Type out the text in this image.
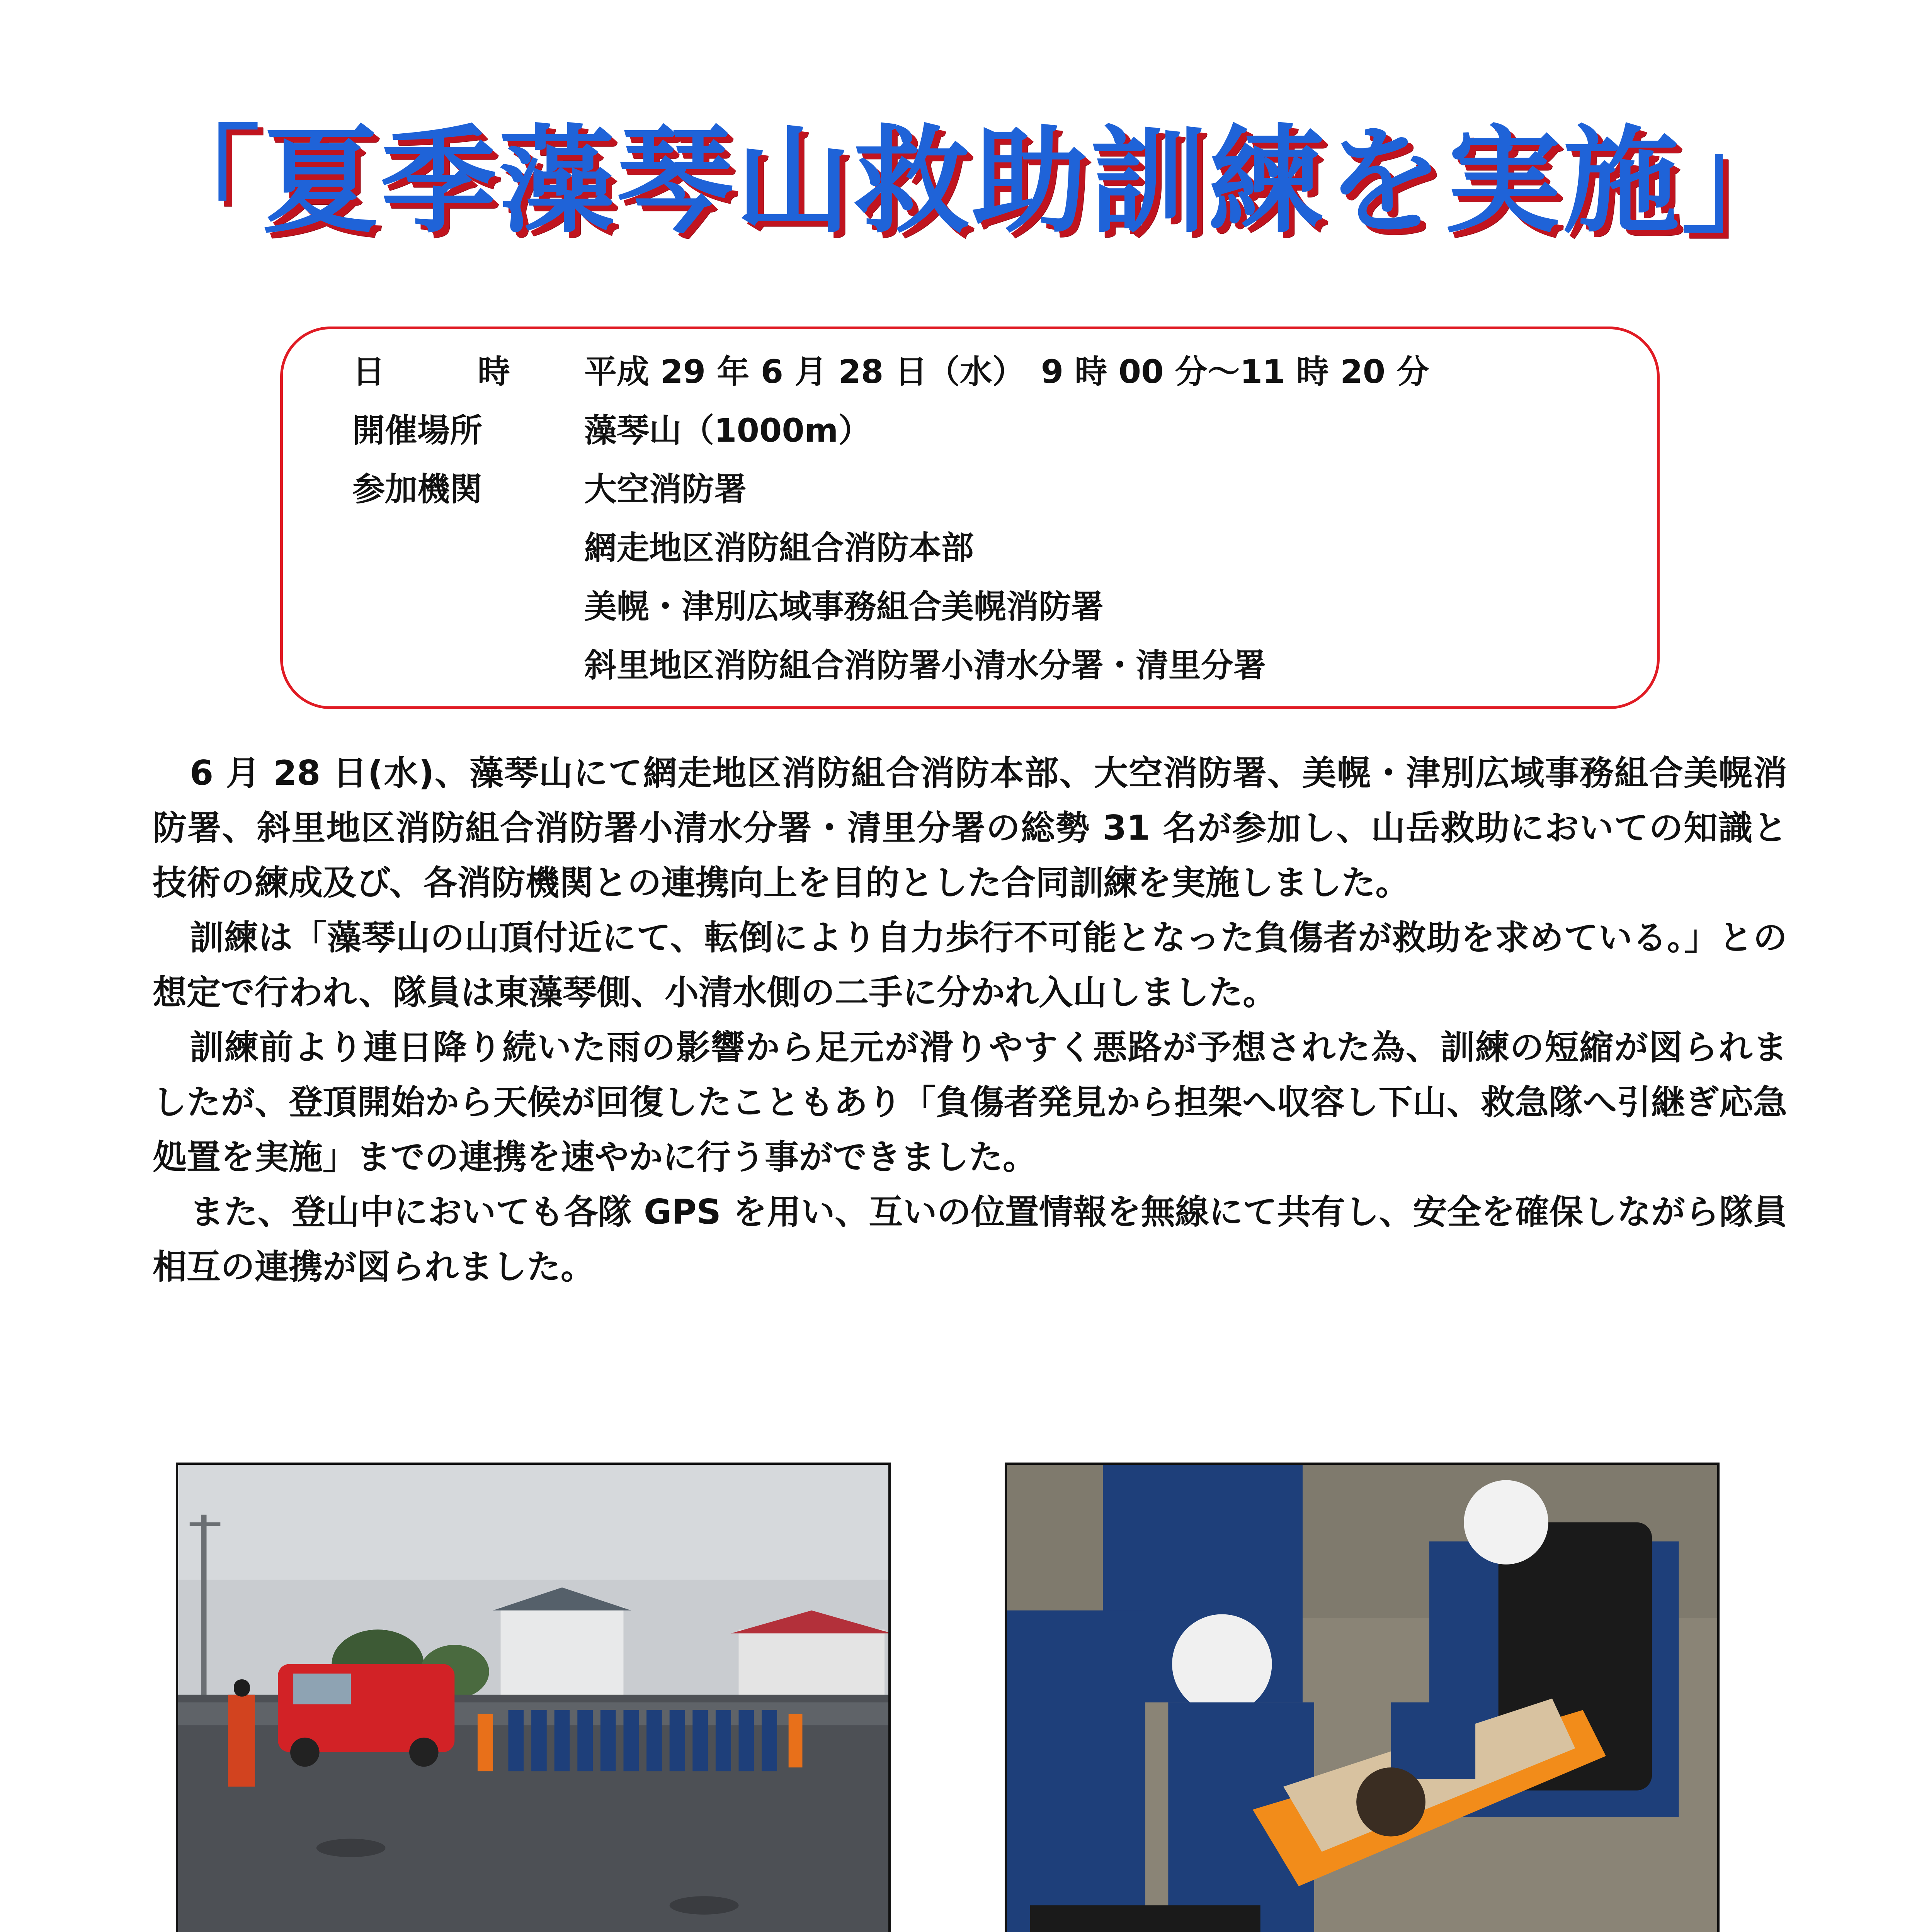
「夏季藻琴山救助訓練を実施」
日時
平成 29 年 6 月 28 日（水）　9 時 00 分～11 時 20 分
開催場所	藻琴山（1000m）
参加機関	大空消防署
網走地区消防組合消防本部
美幌・津別広域事務組合美幌消防署
斜里地区消防組合消防署小清水分署・清里分署

6 月 28 日(水)、藻琴山にて網走地区消防組合消防本部、大空消防署、美幌・津別広域事務組合美幌消防署、斜里地区消防組合消防署小清水分署・清里分署の総勢 31 名が参加し、山岳救助においての知識と技術の練成及び、各消防機関との連携向上を目的とした合同訓練を実施しました。

訓練は「藻琴山の山頂付近にて、転倒により自力歩行不可能となった負傷者が救助を求めている。」との想定で行われ、隊員は東藻琴側、小清水側の二手に分かれ入山しました。

訓練前より連日降り続いた雨の影響から足元が滑りやすく悪路が予想された為、訓練の短縮が図られましたが、登頂開始から天候が回復したこともあり「負傷者発見から担架へ収容し下山、救急隊へ引継ぎ応急処置を実施」までの連携を速やかに行う事ができました。

また、登山中においても各隊 GPS を用い、互いの位置情報を無線にて共有し、安全を確保しながら隊員相互の連携が図られました。
